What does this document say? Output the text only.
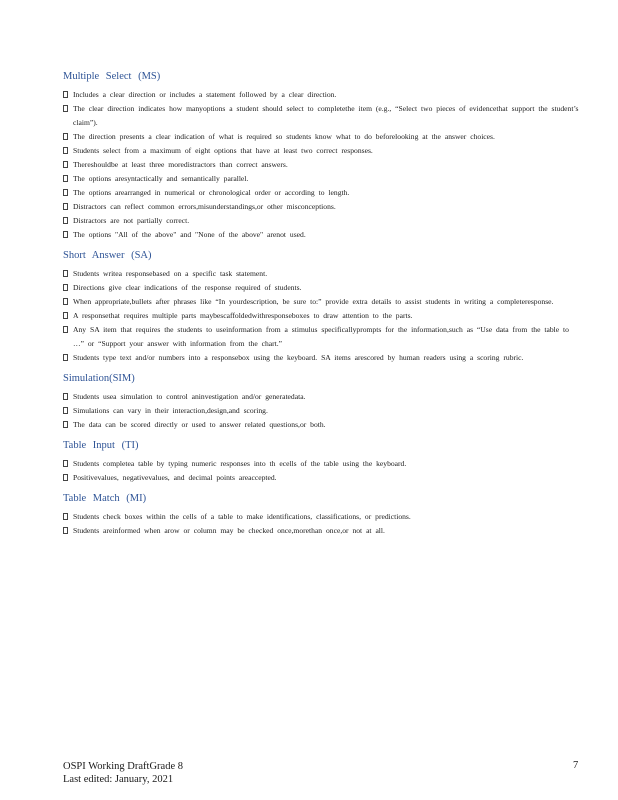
Multiple Select (MS)
Includes a clear direction or includes a statement followed by a clear direction.
The clear direction indicates how manyoptions a student should select to completethe item (e.g., “Select two pieces of evidencethat support the student’s claim”).
The direction presents a clear indication of what is required so students know what to do beforelooking at the answer choices.
Students select from a maximum of eight options that have at least two correct responses.
Thereshouldbe at least three moredistractors than correct answers.
The options aresyntactically and semantically parallel.
The options arearranged in numerical or chronological order or according to length.
Distractors can reflect common errors,misunderstandings,or other misconceptions.
Distractors are not partially correct.
The options "All of the above" and "None of the above" arenot used.
Short Answer (SA)
Students writea responsebased on a specific task statement.
Directions give clear indications of the response required of students.
When appropriate,bullets after phrases like “In yourdescription, be sure to:” provide extra details to assist students in writing a completeresponse.
A responsethat requires multiple parts maybescaffoldedwithresponseboxes to draw attention to the parts.
Any SA item that requires the students to useinformation from a stimulus specificallyprompts for the information,such as “Use data from the table to …” or “Support your answer with information from the chart.”
Students type text and/or numbers into a responsebox using the keyboard. SA items arescored by human readers using a scoring rubric.
Simulation(SIM)
Students usea simulation to control aninvestigation and/or generatedata.
Simulations can vary in their interaction,design,and scoring.
The data can be scored directly or used to answer related questions,or both.
Table Input (TI)
Students completea table by typing numeric responses into th ecells of the table using the keyboard.
Positivevalues, negativevalues, and decimal points areaccepted.
Table Match (MI)
Students check boxes within the cells of a table to make identifications, classifications, or predictions.
Students areinformed when arow or column may be checked once,morethan once,or not at all.
OSPI Working DraftGrade 8
Last edited: January, 2021
7
